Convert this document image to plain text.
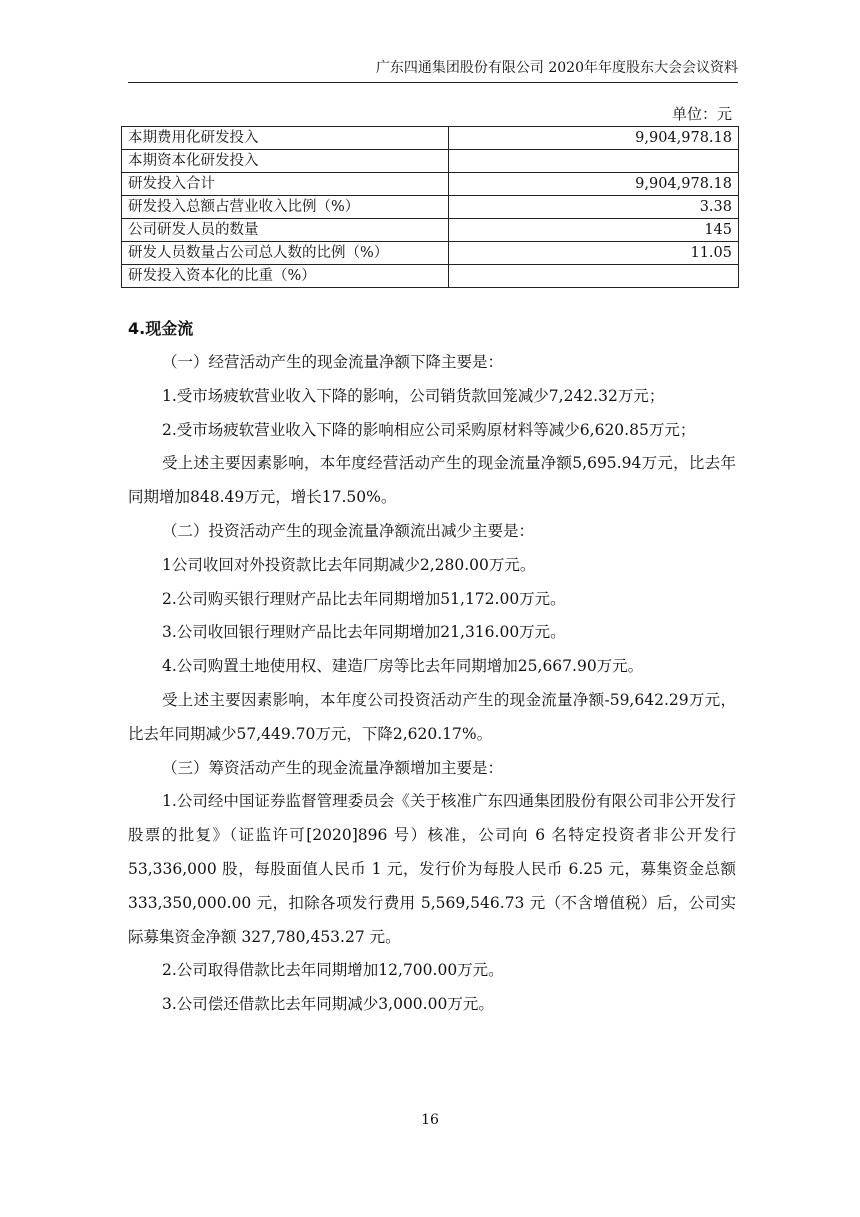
广东四通集团股份有限公司 2020年年度股东大会会议资料
单位：元
本期费用化研发投入	9,904,978.18
本期资本化研发投入	
研发投入合计	9,904,978.18
研发投入总额占营业收入比例（%）	3.38
公司研发人员的数量	145
研发人员数量占公司总人数的比例（%）	11.05
研发投入资本化的比重（%）	

4.现金流

（一）经营活动产生的现金流量净额下降主要是：

1.受市场疲软营业收入下降的影响，公司销货款回笼减少7,242.32万元；

2.受市场疲软营业收入下降的影响相应公司采购原材料等减少6,620.85万元；

受上述主要因素影响，本年度经营活动产生的现金流量净额5,695.94万元，比去年同期增加848.49万元，增长17.50%。

（二）投资活动产生的现金流量净额流出减少主要是：

1公司收回对外投资款比去年同期减少2,280.00万元。

2.公司购买银行理财产品比去年同期增加51,172.00万元。

3.公司收回银行理财产品比去年同期增加21,316.00万元。

4.公司购置土地使用权、建造厂房等比去年同期增加25,667.90万元。

受上述主要因素影响，本年度公司投资活动产生的现金流量净额-59,642.29万元，比去年同期减少57,449.70万元，下降2,620.17%。

（三）筹资活动产生的现金流量净额增加主要是：

1.公司经中国证券监督管理委员会《关于核准广东四通集团股份有限公司非公开发行股票的批复》（证监许可[2020]896 号）核准，公司向 6 名特定投资者非公开发行 53,336,000 股，每股面值人民币 1 元，发行价为每股人民币 6.25 元，募集资金总额 333,350,000.00 元，扣除各项发行费用 5,569,546.73 元（不含增值税）后，公司实际募集资金净额 327,780,453.27 元。

2.公司取得借款比去年同期增加12,700.00万元。

3.公司偿还借款比去年同期减少3,000.00万元。

16
